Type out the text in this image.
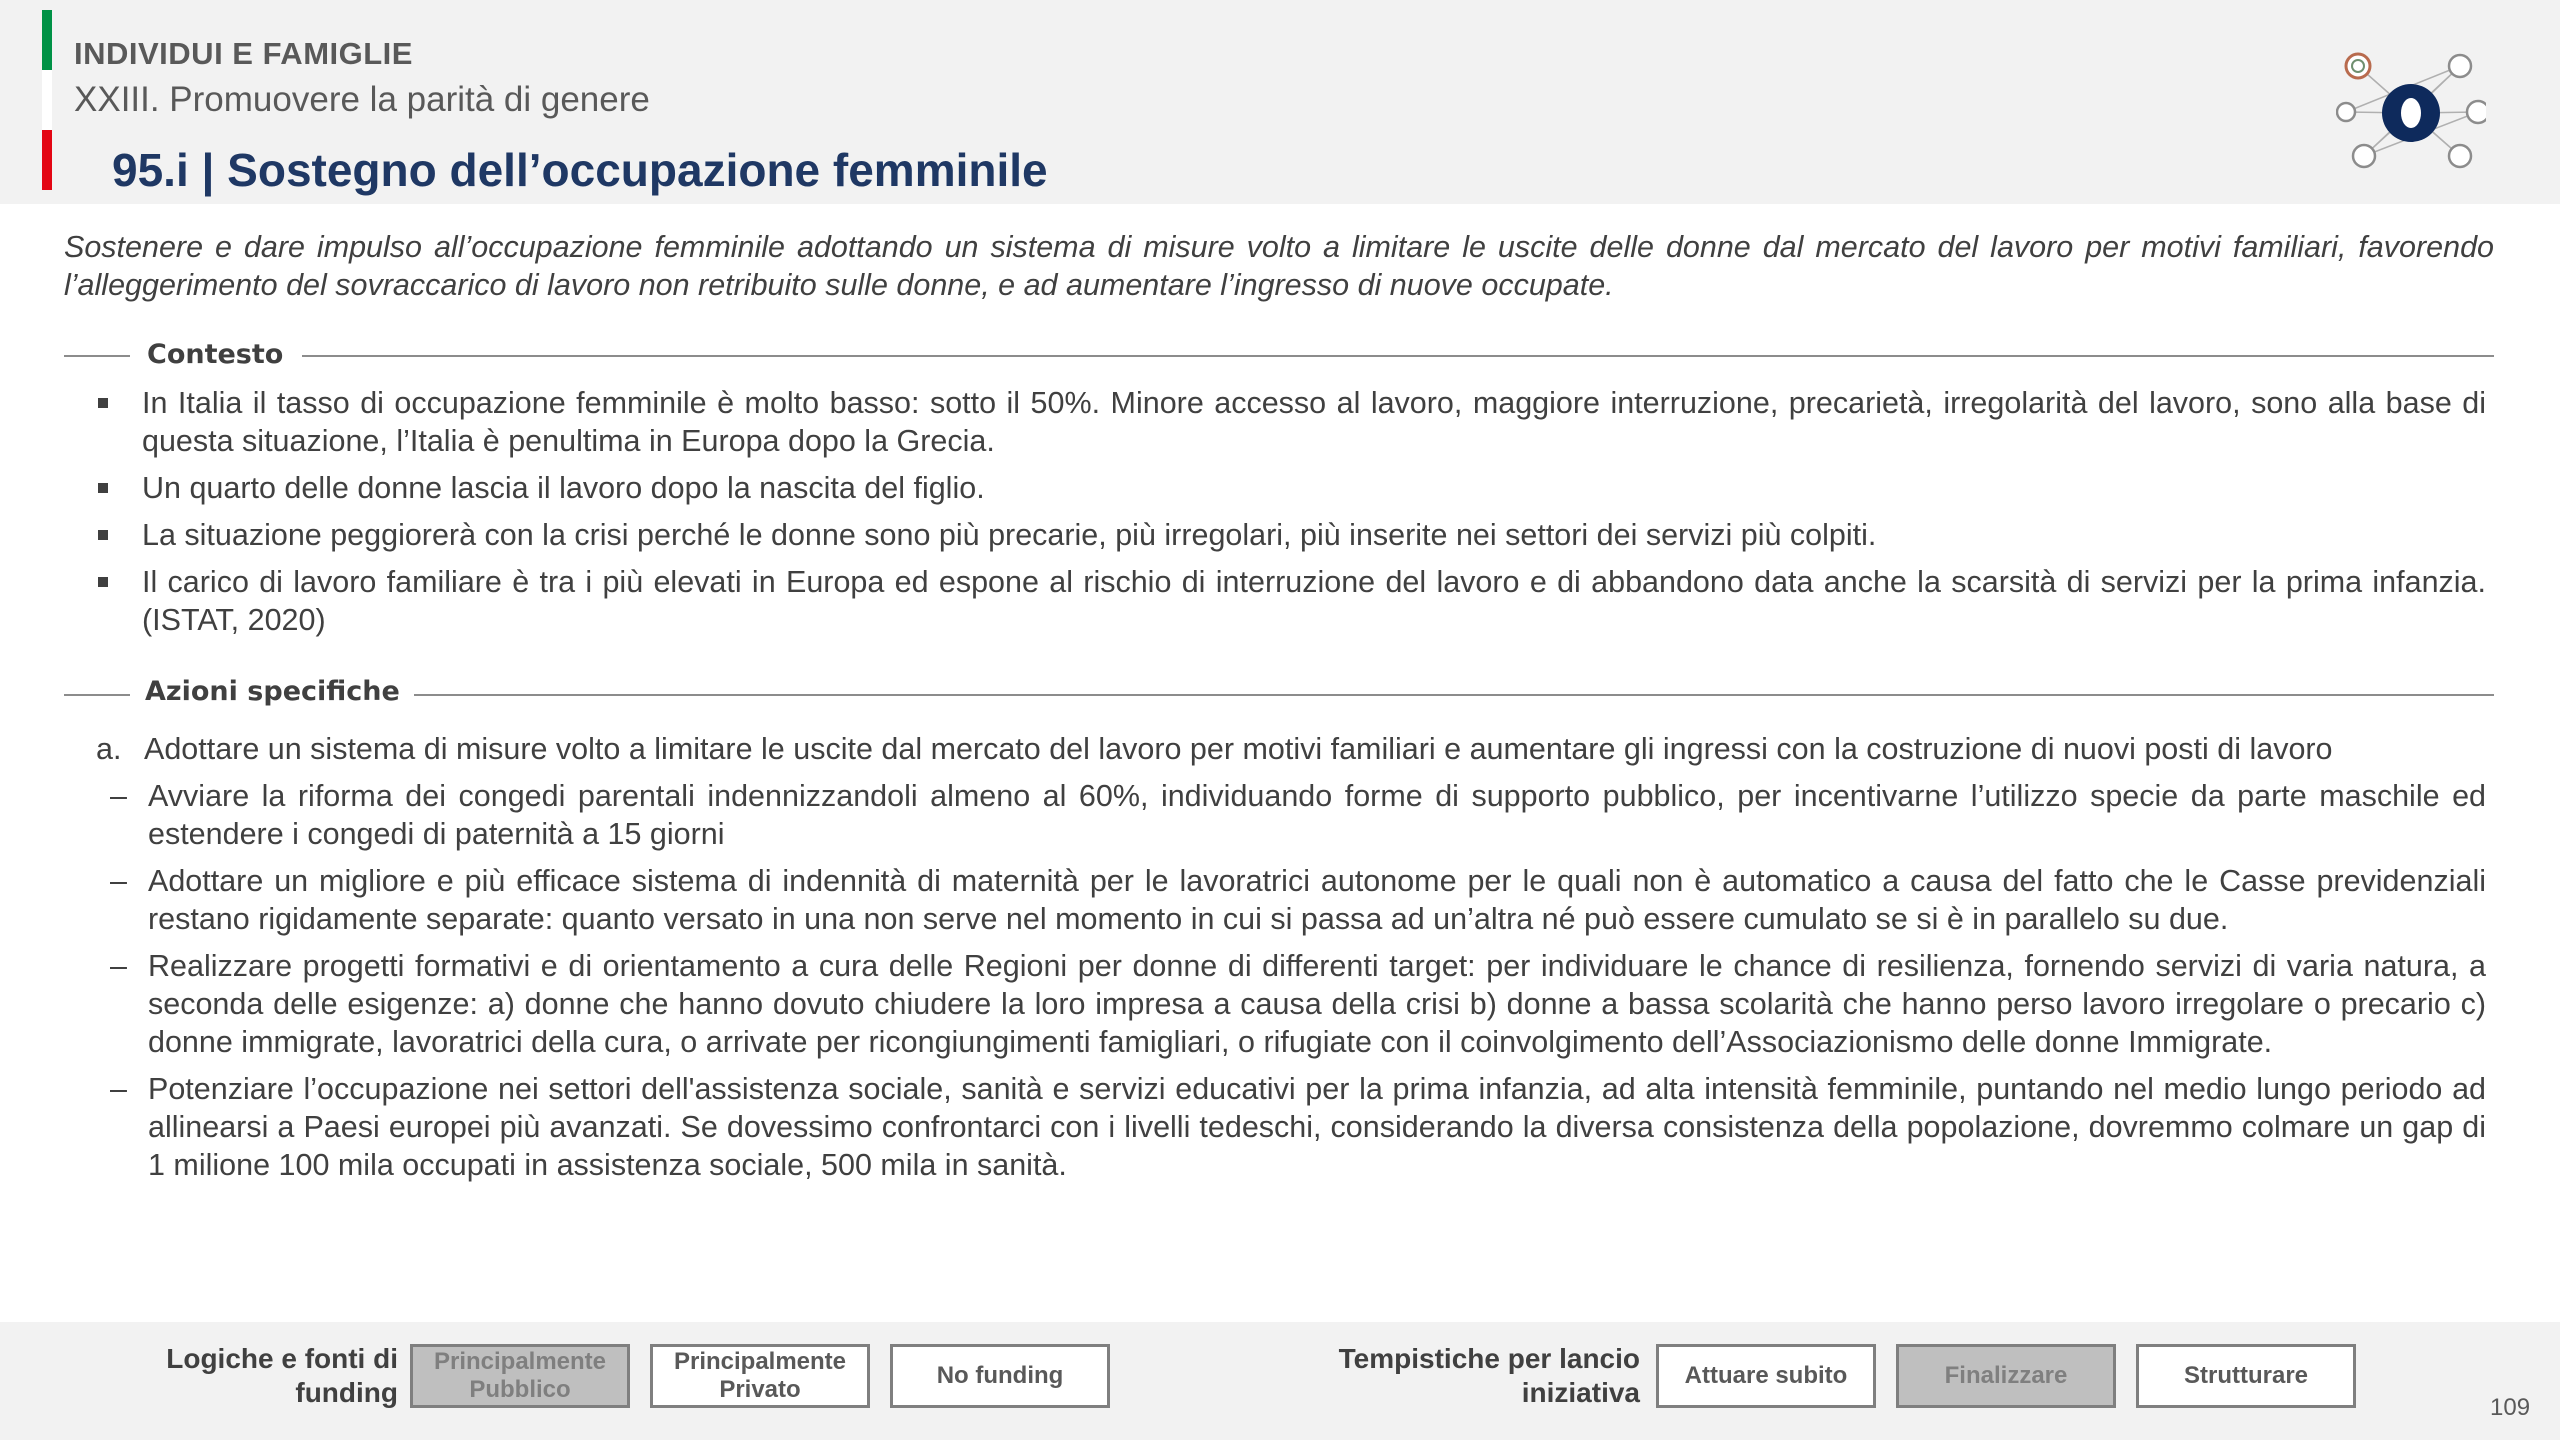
INDIVIDUI E FAMIGLIE
XXIII. Promuovere la parità di genere
95.i | Sostegno dell’occupazione femminile
Sostenere e dare impulso all’occupazione femminile adottando un sistema di misure volto a limitare le uscite delle donne dal mercato del lavoro per motivi familiari, favorendo l’alleggerimento del sovraccarico di lavoro non retribuito sulle donne, e ad aumentare l’ingresso di nuove occupate.
Contesto
In Italia il tasso di occupazione femminile è molto basso: sotto il 50%. Minore accesso al lavoro, maggiore interruzione, precarietà, irregolarità del lavoro, sono alla base di questa situazione, l’Italia è penultima in Europa dopo la Grecia.
Un quarto delle donne lascia il lavoro dopo la nascita del figlio.
La situazione peggiorerà con la crisi perché le donne sono più precarie, più irregolari, più inserite nei settori dei servizi più colpiti.
Il carico di lavoro familiare è tra i più elevati in Europa ed espone al rischio di interruzione del lavoro e di abbandono data anche la scarsità di servizi per la prima infanzia. (ISTAT, 2020)
Azioni specifiche
a. Adottare un sistema di misure volto a limitare le uscite dal mercato del lavoro per motivi familiari e aumentare gli ingressi con la costruzione di nuovi posti di lavoro
– Avviare la riforma dei congedi parentali indennizzandoli almeno al 60%, individuando forme di supporto pubblico, per incentivarne l’utilizzo specie da parte maschile ed estendere i congedi di paternità a 15 giorni
– Adottare un migliore e più efficace sistema di indennità di maternità per le lavoratrici autonome per le quali non è automatico a causa del fatto che le Casse previdenziali restano rigidamente separate: quanto versato in una non serve nel momento in cui si passa ad un’altra né può essere cumulato se si è in parallelo su due.
– Realizzare progetti formativi e di orientamento a cura delle Regioni per donne di differenti target: per individuare le chance di resilienza, fornendo servizi di varia natura, a seconda delle esigenze: a) donne che hanno dovuto chiudere la loro impresa a causa della crisi b) donne a bassa scolarità che hanno perso lavoro irregolare o precario c) donne immigrate, lavoratrici della cura, o arrivate per ricongiungimenti famigliari, o rifugiate con il coinvolgimento dell’Associazionismo delle donne Immigrate.
– Potenziare l’occupazione nei settori dell'assistenza sociale, sanità e servizi educativi per la prima infanzia, ad alta intensità femminile, puntando nel medio lungo periodo ad allinearsi a Paesi europei più avanzati. Se dovessimo confrontarci con i livelli tedeschi, considerando la diversa consistenza della popolazione, dovremmo colmare un gap di 1 milione 100 mila occupati in assistenza sociale, 500 mila in sanità.
Logiche e fonti di
funding
Principalmente
Pubblico
Principalmente
Privato
No funding
Tempistiche per lancio
iniziativa
Attuare subito	Finalizzare	Strutturare
109
